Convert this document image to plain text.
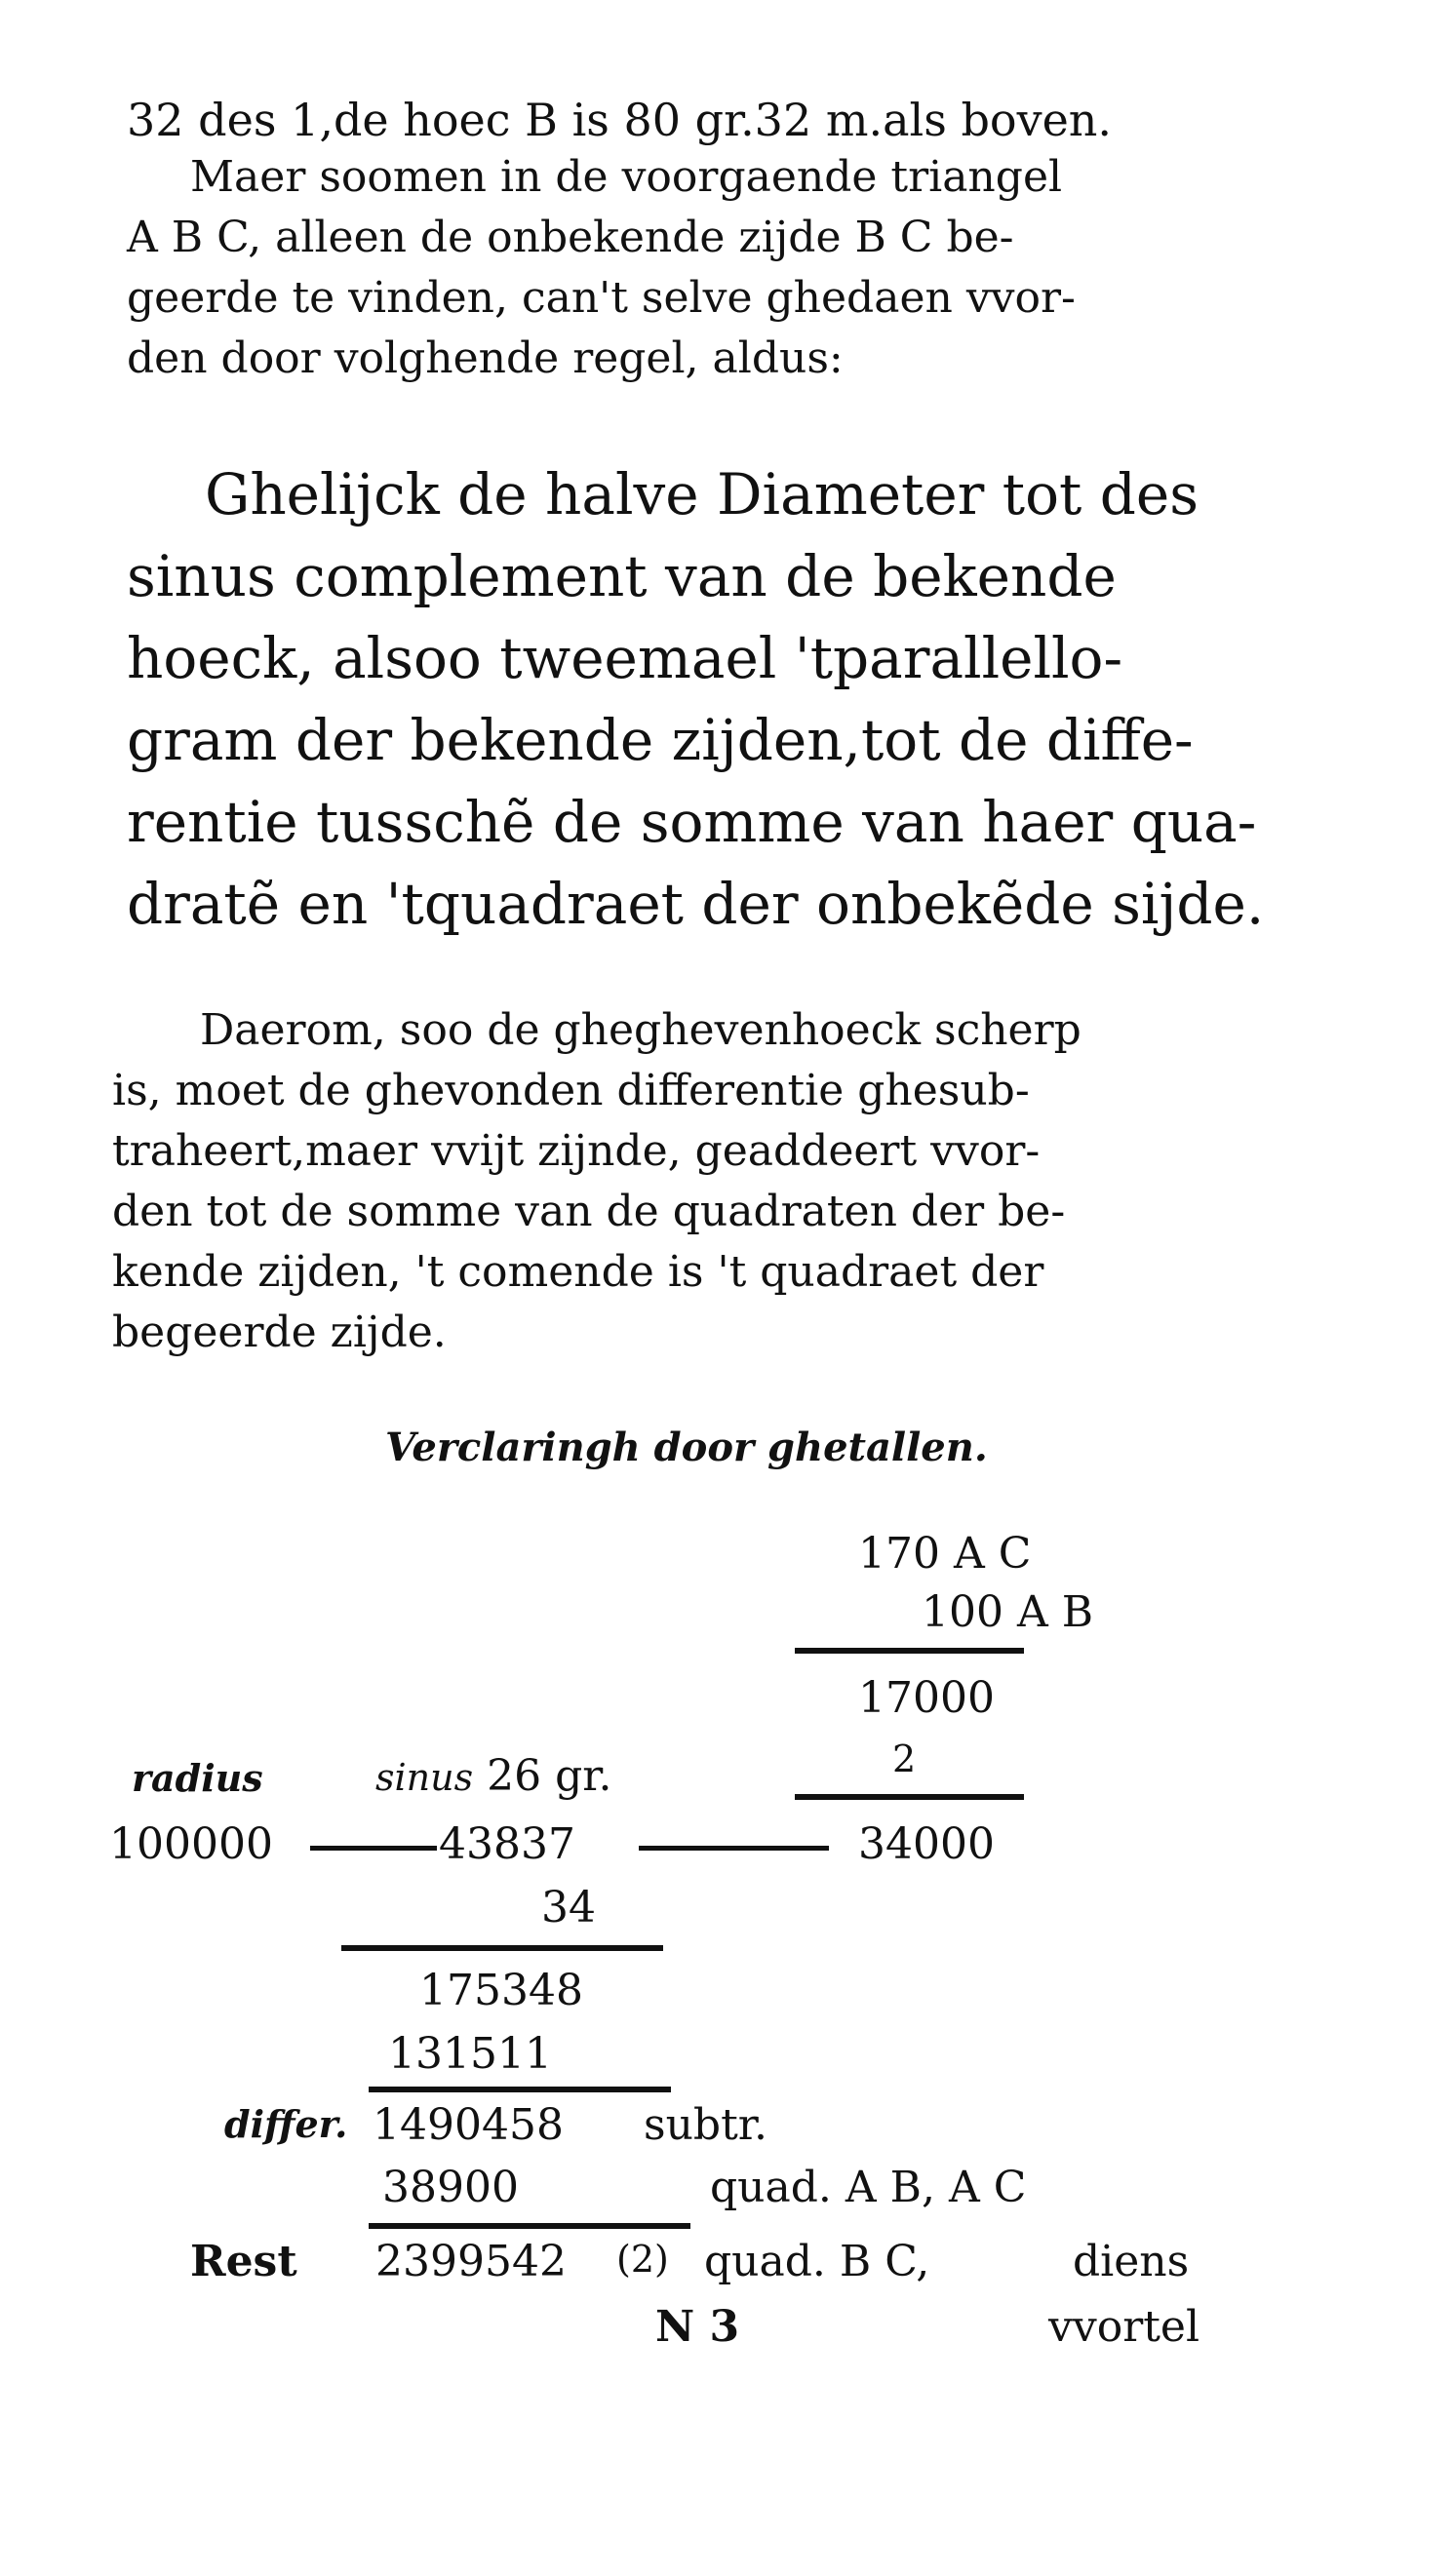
32 des 1,de hoec B is 80 gr.32 m.als boven.
Maer soomen in de voorgaende triangel
A B C, alleen de onbekende zijde B C be-
geerde te vinden, can't selve ghedaen vvor-
den door volghende regel, aldus:
Ghelijck de halve Diameter tot des
sinus complement van de bekende
hoeck, alsoo tweemael 'tparallello-
gram der bekende zijden,tot de diffe-
rentie tusschẽ de somme van haer qua-
dratẽ en 'tquadraet der onbekẽde sijde.
Daerom, soo de gheghevenhoeck scherp
is, moet de ghevonden differentie ghesub-
traheert,maer vvijt zijnde, geaddeert vvor-
den tot de somme van de quadraten der be-
kende zijden, 't comende is 't quadraet der
begeerde zijde.
Verclaringh door ghetallen.
170 A C
100 A B
17000
2
radius	sinus 26 gr.
100000	43837	34000
34
175348
131511
differ. 1490458 subtr.
38900	quad. A B, A C
Rest 2399542 (2) quad. B C,	diens
N 3	vvortel
